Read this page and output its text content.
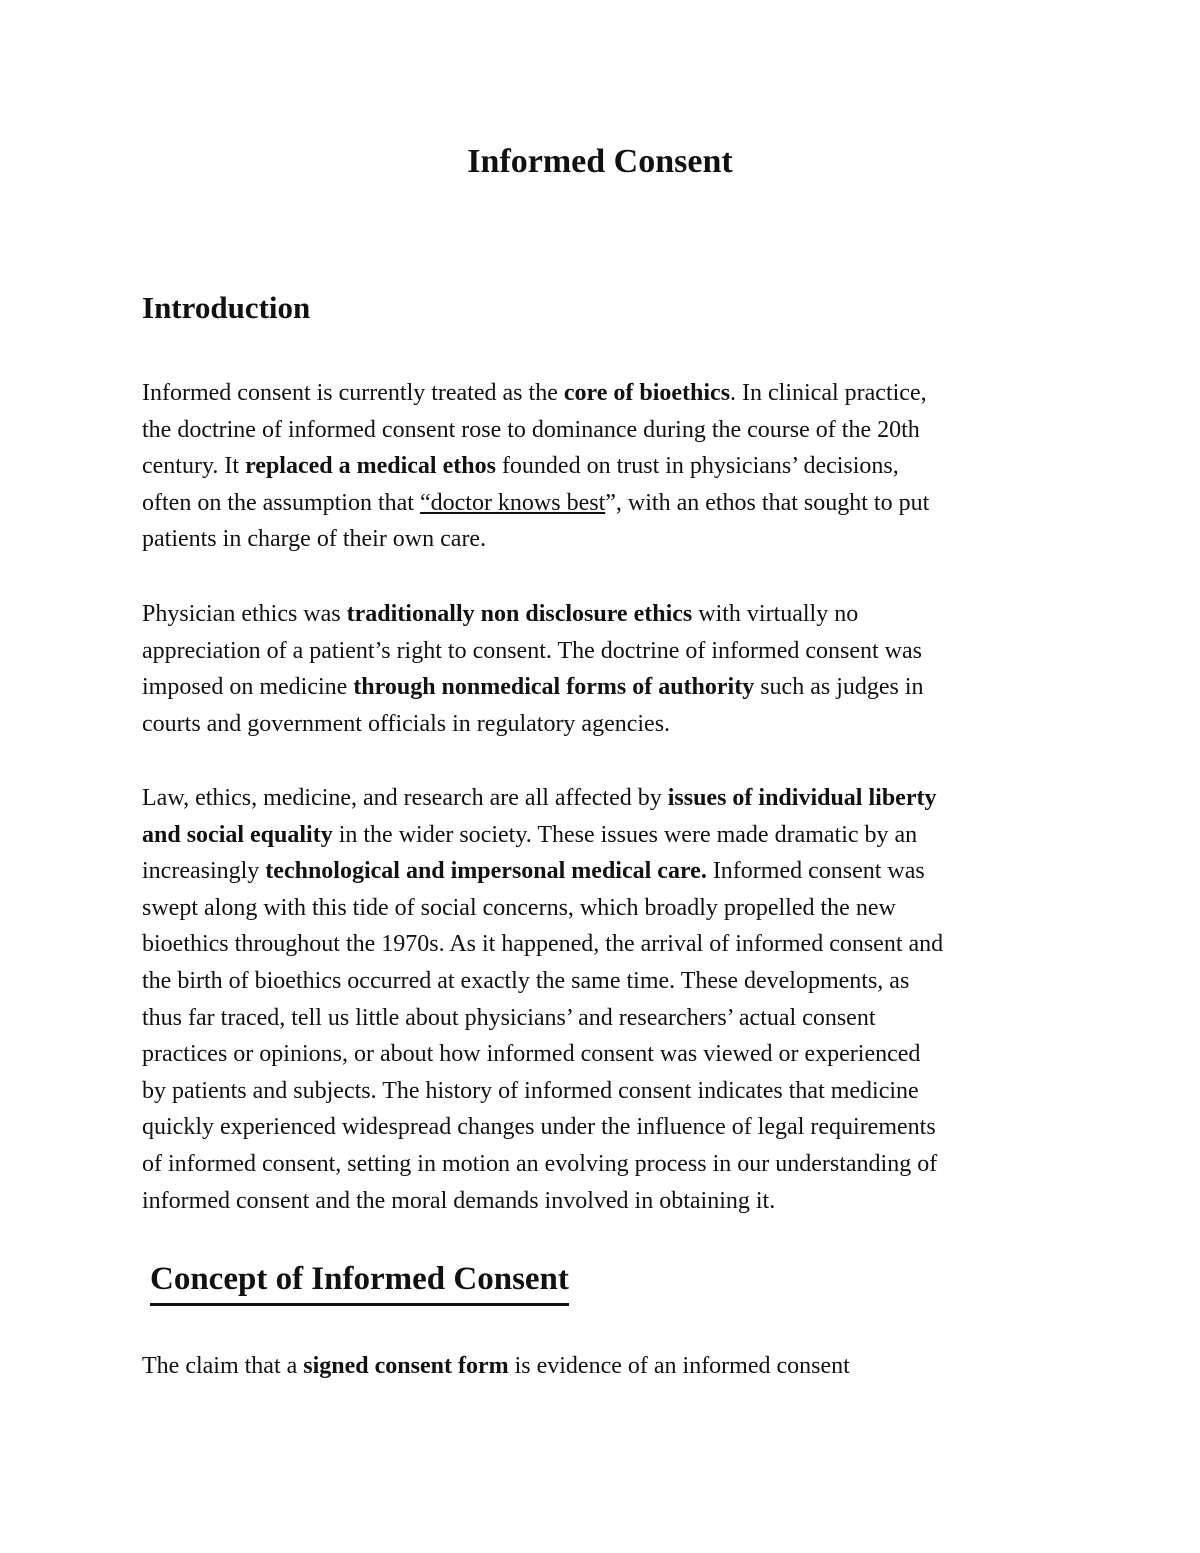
Informed Consent
Introduction

Informed consent is currently treated as the core of bioethics. In clinical practice,
the doctrine of informed consent rose to dominance during the course of the 20th
century. It replaced a medical ethos founded on trust in physicians’ decisions,
often on the assumption that “doctor knows best”, with an ethos that sought to put
patients in charge of their own care.

Physician ethics was traditionally non disclosure ethics with virtually no
appreciation of a patient’s right to consent. The doctrine of informed consent was
imposed on medicine through nonmedical forms of authority such as judges in
courts and government officials in regulatory agencies.

Law, ethics, medicine, and research are all affected by issues of individual liberty
and social equality in the wider society. These issues were made dramatic by an
increasingly technological and impersonal medical care. Informed consent was
swept along with this tide of social concerns, which broadly propelled the new
bioethics throughout the 1970s. As it happened, the arrival of informed consent and
the birth of bioethics occurred at exactly the same time. These developments, as
thus far traced, tell us little about physicians’ and researchers’ actual consent
practices or opinions, or about how informed consent was viewed or experienced
by patients and subjects. The history of informed consent indicates that medicine
quickly experienced widespread changes under the influence of legal requirements
of informed consent, setting in motion an evolving process in our understanding of
informed consent and the moral demands involved in obtaining it.

Concept of Informed Consent

The claim that a signed consent form is evidence of an informed consent
